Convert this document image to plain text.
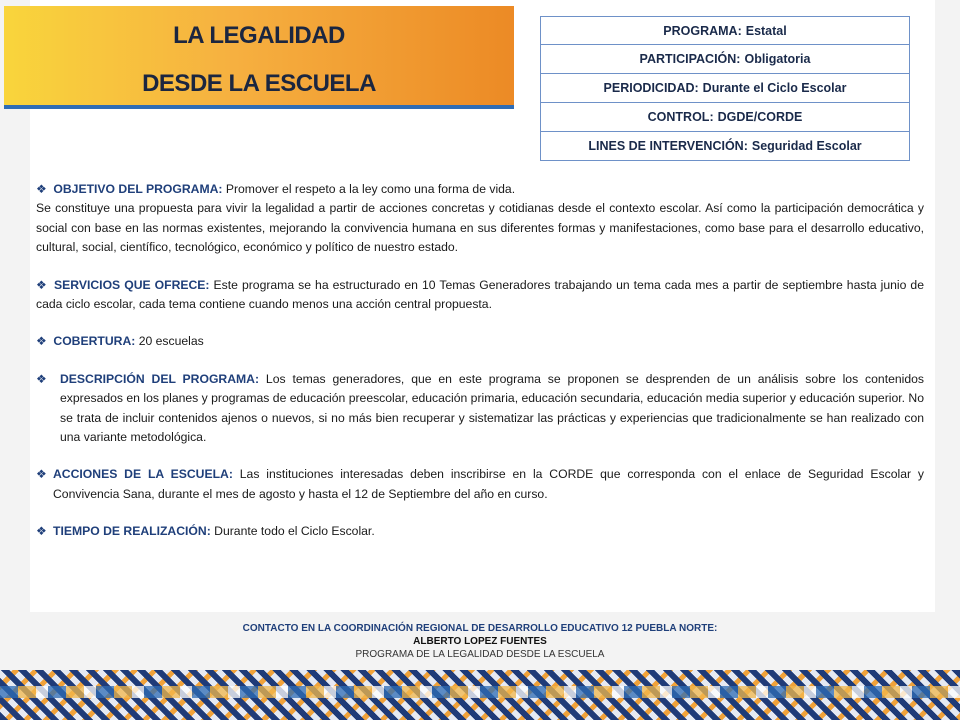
LA LEGALIDAD
DESDE LA ESCUELA
PROGRAMA: Estatal
PARTICIPACIÓN: Obligatoria
PERIODICIDAD: Durante el Ciclo Escolar
CONTROL: DGDE/CORDE
LINES DE INTERVENCIÓN: Seguridad Escolar
❖ OBJETIVO DEL PROGRAMA: Promover el respeto a la ley como una forma de vida.
Se constituye una propuesta para vivir la legalidad a partir de acciones concretas y cotidianas desde el contexto escolar. Así como la participación democrática y social con base en las normas existentes, mejorando la convivencia humana en sus diferentes formas y manifestaciones, como base para el desarrollo educativo, cultural, social, científico, tecnológico, económico y político de nuestro estado.
❖ SERVICIOS QUE OFRECE: Este programa se ha estructurado en 10 Temas Generadores trabajando un tema cada mes a partir de septiembre hasta junio de cada ciclo escolar, cada tema contiene cuando menos una acción central propuesta.
❖ COBERTURA: 20 escuelas
❖ DESCRIPCIÓN DEL PROGRAMA: Los temas generadores, que en este programa se proponen se desprenden de un análisis sobre los contenidos expresados en los planes y programas de educación preescolar, educación primaria, educación secundaria, educación media superior y educación superior. No se trata de incluir contenidos ajenos o nuevos, si no más bien recuperar y sistematizar las prácticas y experiencias que tradicionalmente se han realizado con una variante metodológica.
❖ ACCIONES DE LA ESCUELA: Las instituciones interesadas deben inscribirse en la CORDE que corresponda con el enlace de Seguridad Escolar y Convivencia Sana, durante el mes de agosto y hasta el 12 de Septiembre del año en curso.
❖ TIEMPO DE REALIZACIÓN: Durante todo el Ciclo Escolar.
CONTACTO EN LA COORDINACIÓN REGIONAL DE DESARROLLO EDUCATIVO 12 PUEBLA NORTE:
ALBERTO LOPEZ FUENTES
PROGRAMA DE LA LEGALIDAD DESDE LA ESCUELA
